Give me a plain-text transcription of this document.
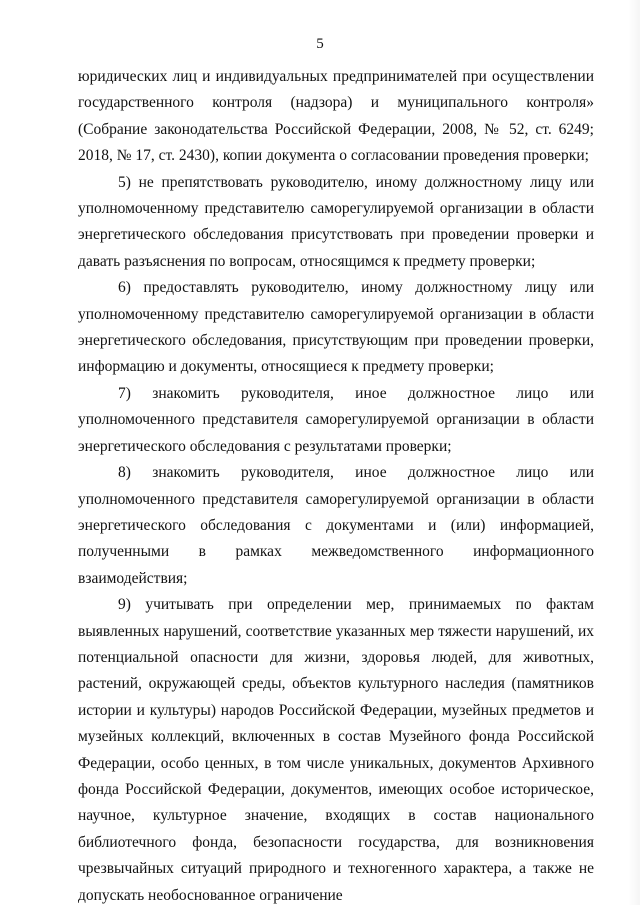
5

юридических лиц и индивидуальных предпринимателей при осуществлении государственного контроля (надзора) и муниципального контроля» (Собрание законодательства Российской Федерации, 2008, № 52, ст. 6249; 2018, № 17, ст. 2430), копии документа о согласовании проведения проверки;

5) не препятствовать руководителю, иному должностному лицу или уполномоченному представителю саморегулируемой организации в области энергетического обследования присутствовать при проведении проверки и давать разъяснения по вопросам, относящимся к предмету проверки;

6) предоставлять руководителю, иному должностному лицу или уполномоченному представителю саморегулируемой организации в области энергетического обследования, присутствующим при проведении проверки, информацию и документы, относящиеся к предмету проверки;

7) знакомить руководителя, иное должностное лицо или уполномоченного представителя саморегулируемой организации в области энергетического обследования с результатами проверки;

8) знакомить руководителя, иное должностное лицо или уполномоченного представителя саморегулируемой организации в области энергетического обследования с документами и (или) информацией, полученными в рамках межведомственного информационного взаимодействия;

9) учитывать при определении мер, принимаемых по фактам выявленных нарушений, соответствие указанных мер тяжести нарушений, их потенциальной опасности для жизни, здоровья людей, для животных, растений, окружающей среды, объектов культурного наследия (памятников истории и культуры) народов Российской Федерации, музейных предметов и музейных коллекций, включенных в состав Музейного фонда Российской Федерации, особо ценных, в том числе уникальных, документов Архивного фонда Российской Федерации, документов, имеющих особое историческое, научное, культурное значение, входящих в состав национального библиотечного фонда, безопасности государства, для возникновения чрезвычайных ситуаций природного и техногенного характера, а также не допускать необоснованное ограничение
